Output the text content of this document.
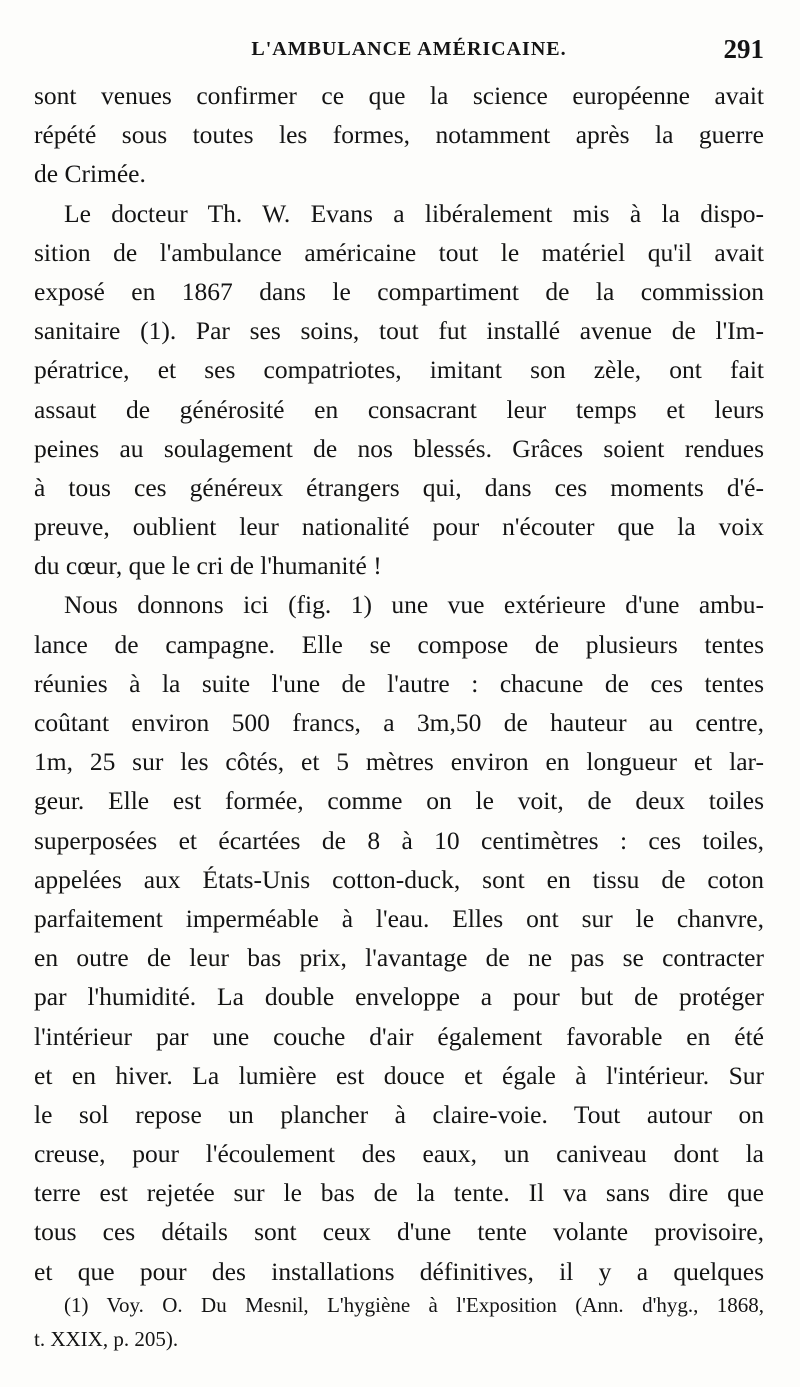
L'AMBULANCE AMÉRICAINE.	291
sont venues confirmer ce que la science européenne avait
répété sous toutes les formes, notamment après la guerre
de Crimée.
Le docteur Th. W. Evans a libéralement mis à la dispo-
sition de l'ambulance américaine tout le matériel qu'il avait
exposé en 1867 dans le compartiment de la commission
sanitaire (1). Par ses soins, tout fut installé avenue de l'Im-
pératrice, et ses compatriotes, imitant son zèle, ont fait
assaut de générosité en consacrant leur temps et leurs
peines au soulagement de nos blessés. Grâces soient rendues
à tous ces généreux étrangers qui, dans ces moments d'é-
preuve, oublient leur nationalité pour n'écouter que la voix
du cœur, que le cri de l'humanité !
Nous donnons ici (fig. 1) une vue extérieure d'une ambu-
lance de campagne. Elle se compose de plusieurs tentes
réunies à la suite l'une de l'autre : chacune de ces tentes
coûtant environ 500 francs, a 3m,50 de hauteur au centre,
1m, 25 sur les côtés, et 5 mètres environ en longueur et lar-
geur. Elle est formée, comme on le voit, de deux toiles
superposées et écartées de 8 à 10 centimètres : ces toiles,
appelées aux États-Unis cotton-duck, sont en tissu de coton
parfaitement imperméable à l'eau. Elles ont sur le chanvre,
en outre de leur bas prix, l'avantage de ne pas se contracter
par l'humidité. La double enveloppe a pour but de protéger
l'intérieur par une couche d'air également favorable en été
et en hiver. La lumière est douce et égale à l'intérieur. Sur
le sol repose un plancher à claire-voie. Tout autour on
creuse, pour l'écoulement des eaux, un caniveau dont la
terre est rejetée sur le bas de la tente. Il va sans dire que
tous ces détails sont ceux d'une tente volante provisoire,
et que pour des installations définitives, il y a quelques
(1) Voy. O. Du Mesnil, L'hygiène à l'Exposition (Ann. d'hyg., 1868,
t. XXIX, p. 205).
